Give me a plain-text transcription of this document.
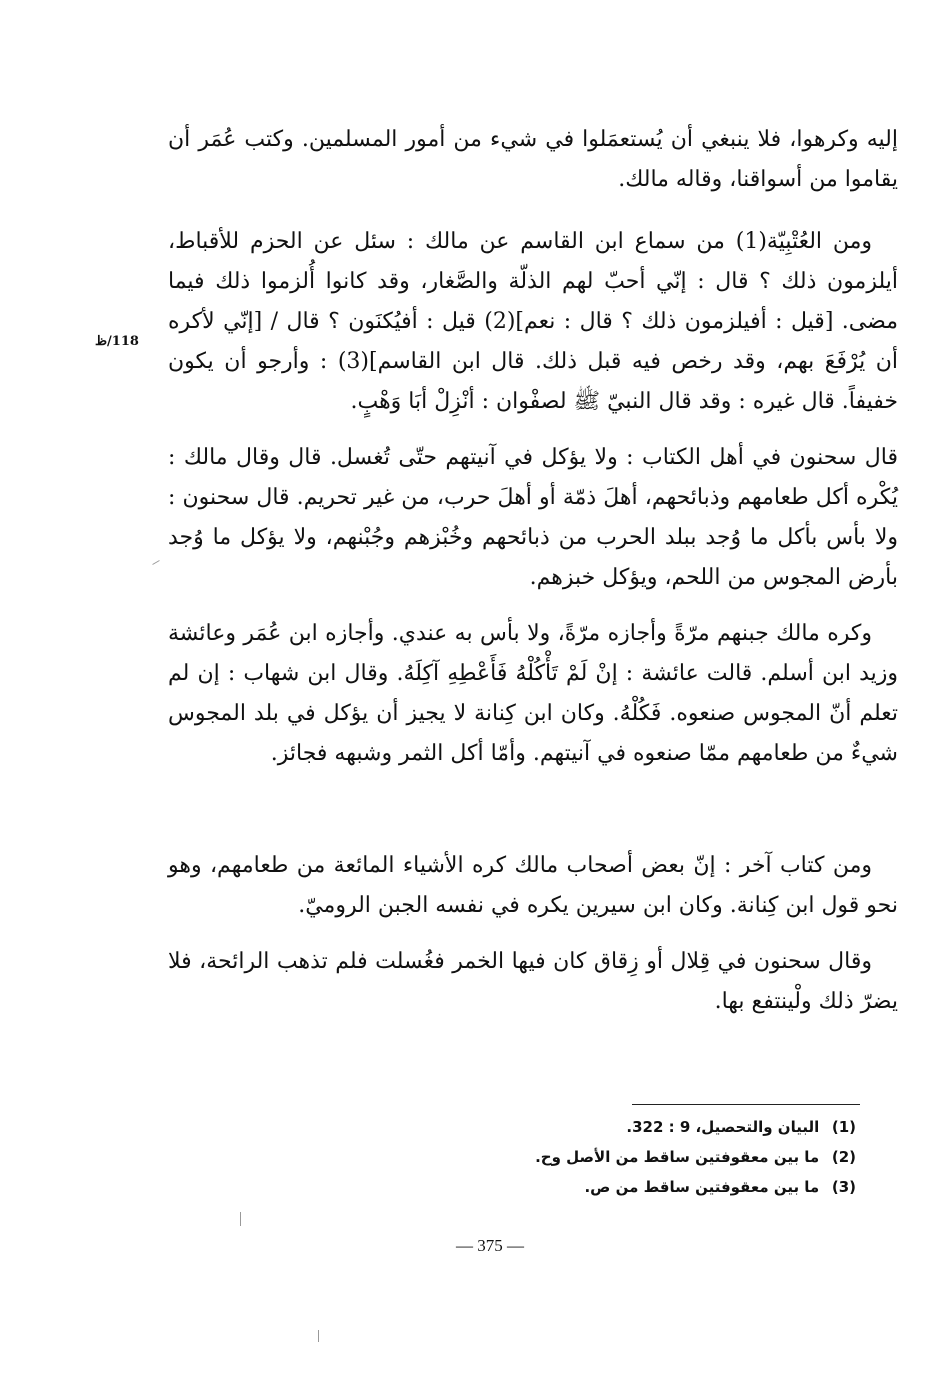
إليه وكرهوا، فلا ينبغي أن يُستعمَلوا في شيء من أمور المسلمين. وكتب عُمَر أن يقاموا من أسواقنا، وقاله مالك.

ومن العُتْبِيّة(1) من سماع ابن القاسم عن مالك : سئل عن الحزم للأقباط، أيلزمون ذلك ؟ قال : إنّي أحبّ لهم الذلّة والصَّغار، وقد كانوا أُلزموا ذلك فيما مضى. [قيل : أفيلزمون ذلك ؟ قال : نعم](2) قيل : أفيُكنَون ؟ قال / [إنّي لأكره أن يُرْفَعَ بهم، وقد رخص فيه قبل ذلك. قال ابن القاسم](3) : وأرجو أن يكون خفيفاً. قال غيره : وقد قال النبيّ ﷺ لصفْوان : أنْزِلْ أبَا وَهْبٍ.

118/ظ

قال سحنون في أهل الكتاب : ولا يؤكل في آنيتهم حتّى تُغسل. قال وقال مالك : يُكْره أكل طعامهم وذبائحهم، أهلَ ذمّة أو أهلَ حرب، من غير تحريم. قال سحنون : ولا بأس بأكل ما وُجد ببلد الحرب من ذبائحهم وخُبْزهم وجُبْنهم، ولا يؤكل ما وُجد بأرض المجوس من اللحم، ويؤكل خبزهم.

وكره مالك جبنهم مرّةً وأجازه مرّةً، ولا بأس به عندي. وأجازه ابن عُمَر وعائشة وزيد ابن أسلم. قالت عائشة : إنْ لَمْ تَأْكُلْهُ فَأَعْطِهِ آكِلَهُ. وقال ابن شهاب : إن لم تعلم أنّ المجوس صنعوه. فَكُلْهُ. وكان ابن كِنانة لا يجيز أن يؤكل في بلد المجوس شيءٌ من طعامهم ممّا صنعوه في آنيتهم. وأمّا أكل الثمر وشبهه فجائز.

ومن كتاب آخر : إنّ بعض أصحاب مالك كره الأشياء المائعة من طعامهم، وهو نحو قول ابن كِنانة. وكان ابن سيرين يكره في نفسه الجبن الروميّ.

وقال سحنون في قِلال أو زِقاق كان فيها الخمر فغُسلت فلم تذهب الرائحة، فلا يضرّ ذلك ولْينتفع بها.

(1) البيان والتحصيل، 9 : 322.
(2) ما بين معقوفتين ساقط من الأصل وح.
(3) ما بين معقوفتين ساقط من ص.
— 375 —
